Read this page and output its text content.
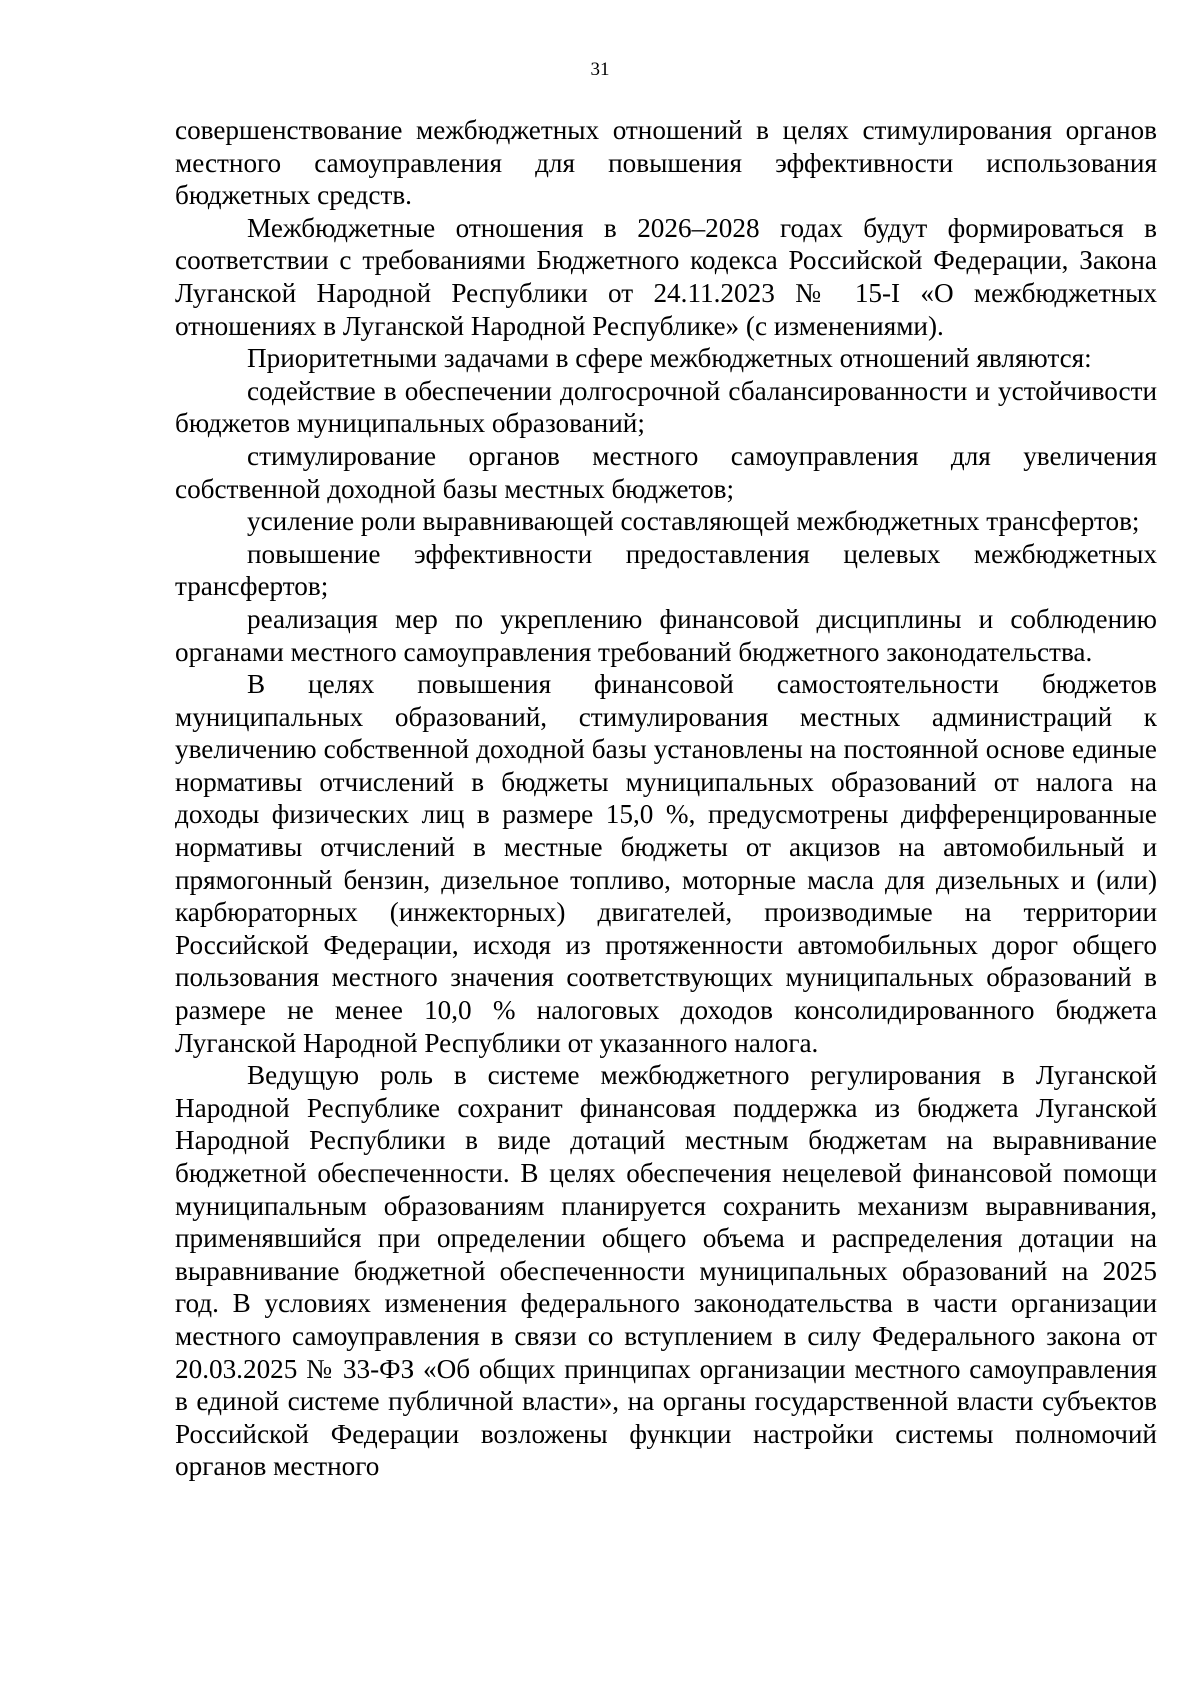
31

совершенствование межбюджетных отношений в целях стимулирования органов местного самоуправления для повышения эффективности использования бюджетных средств.

Межбюджетные отношения в 2026–2028 годах будут формироваться в соответствии с требованиями Бюджетного кодекса Российской Федерации, Закона Луганской Народной Республики от 24.11.2023 № 15-I «О межбюджетных отношениях в Луганской Народной Республике» (с изменениями).

Приоритетными задачами в сфере межбюджетных отношений являются:

содействие в обеспечении долгосрочной сбалансированности и устойчивости бюджетов муниципальных образований;

стимулирование органов местного самоуправления для увеличения собственной доходной базы местных бюджетов;

усиление роли выравнивающей составляющей межбюджетных трансфертов;

повышение эффективности предоставления целевых межбюджетных трансфертов;

реализация мер по укреплению финансовой дисциплины и соблюдению органами местного самоуправления требований бюджетного законодательства.

В целях повышения финансовой самостоятельности бюджетов муниципальных образований, стимулирования местных администраций к увеличению собственной доходной базы установлены на постоянной основе единые нормативы отчислений в бюджеты муниципальных образований от налога на доходы физических лиц в размере 15,0 %, предусмотрены дифференцированные нормативы отчислений в местные бюджеты от акцизов на автомобильный и прямогонный бензин, дизельное топливо, моторные масла для дизельных и (или) карбюраторных (инжекторных) двигателей, производимые на территории Российской Федерации, исходя из протяженности автомобильных дорог общего пользования местного значения соответствующих муниципальных образований в размере не менее 10,0 % налоговых доходов консолидированного бюджета Луганской Народной Республики от указанного налога.

Ведущую роль в системе межбюджетного регулирования в Луганской Народной Республике сохранит финансовая поддержка из бюджета Луганской Народной Республики в виде дотаций местным бюджетам на выравнивание бюджетной обеспеченности. В целях обеспечения нецелевой финансовой помощи муниципальным образованиям планируется сохранить механизм выравнивания, применявшийся при определении общего объема и распределения дотации на выравнивание бюджетной обеспеченности муниципальных образований на 2025 год. В условиях изменения федерального законодательства в части организации местного самоуправления в связи со вступлением в силу Федерального закона от 20.03.2025 № 33-ФЗ «Об общих принципах организации местного самоуправления в единой системе публичной власти», на органы государственной власти субъектов Российской Федерации возложены функции настройки системы полномочий органов местного
